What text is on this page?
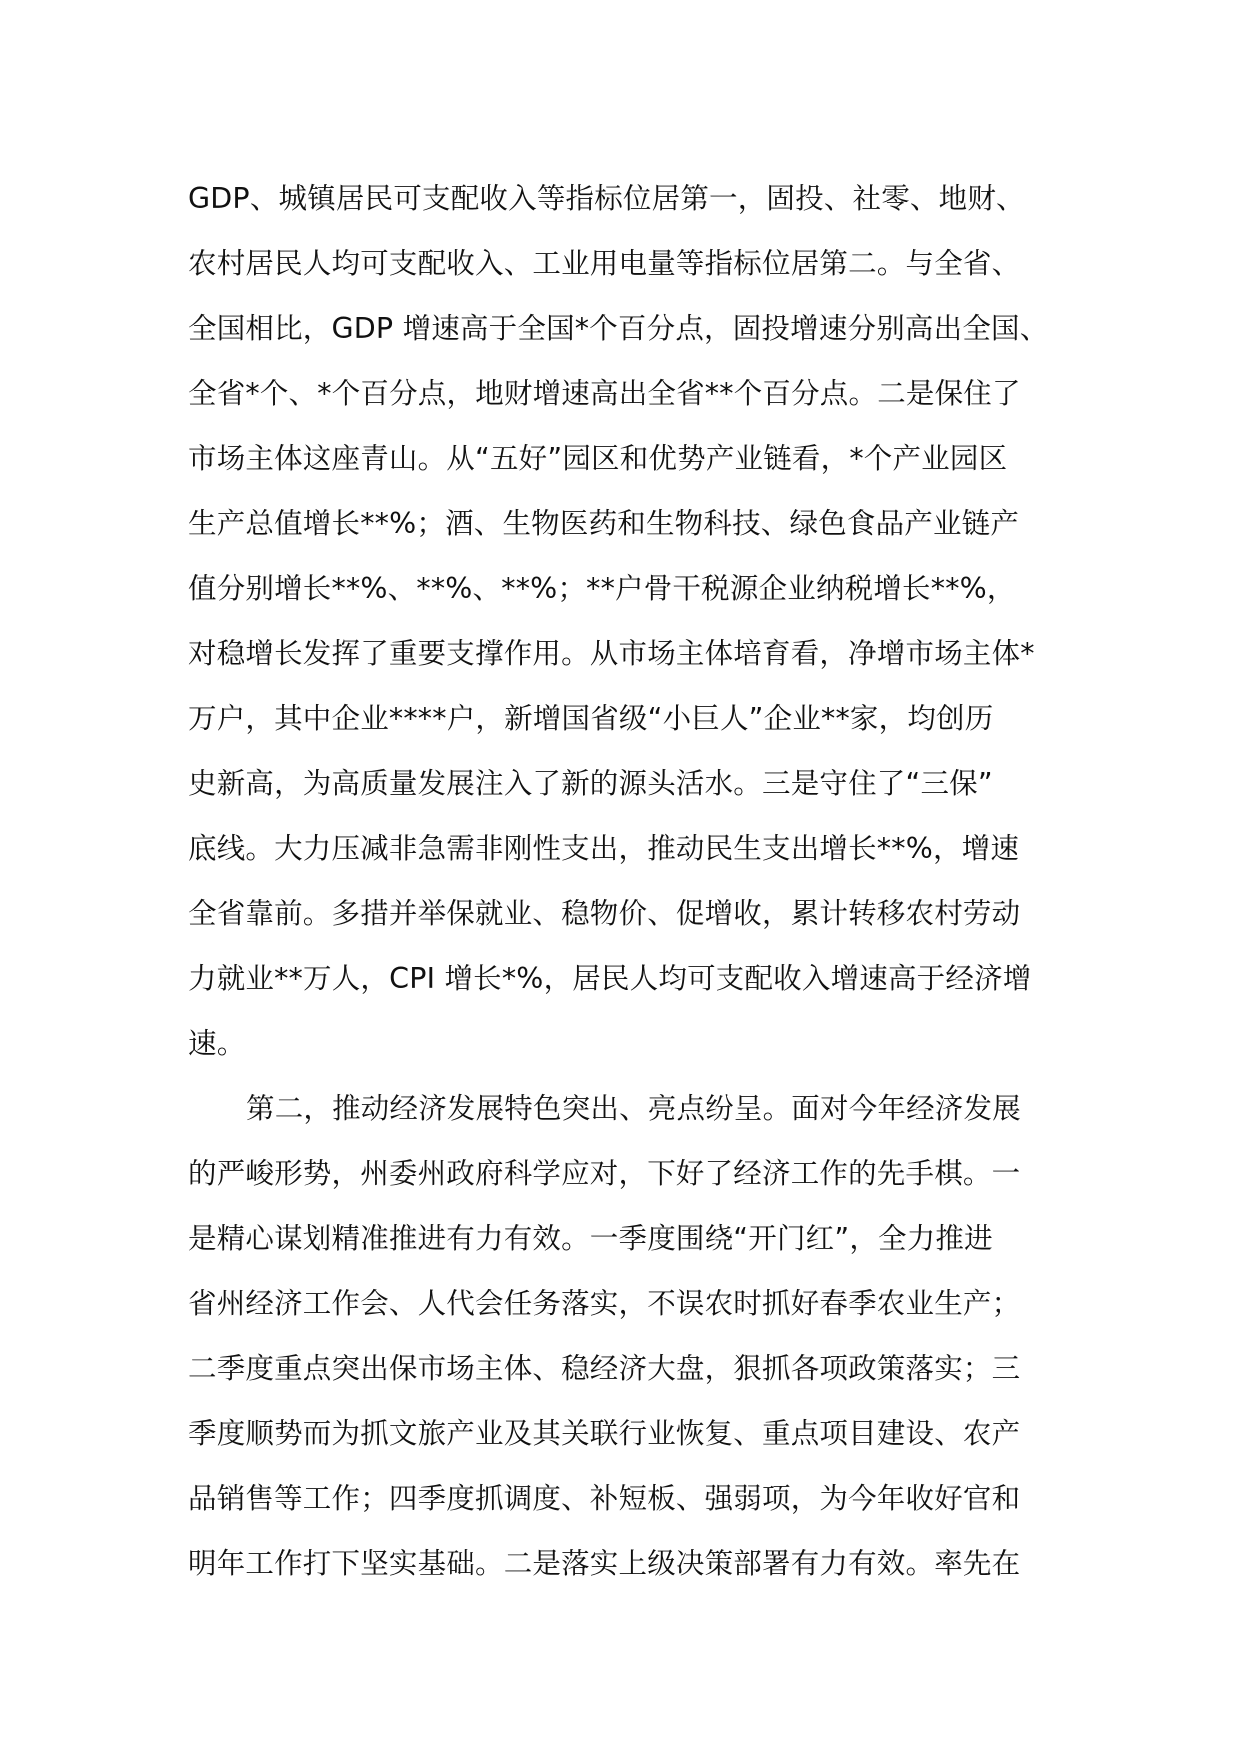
GDP、城镇居民可支配收入等指标位居第一，固投、社零、地财、
农村居民人均可支配收入、工业用电量等指标位居第二。与全省、
全国相比，GDP 增速高于全国*个百分点，固投增速分别高出全国、
全省*个、*个百分点，地财增速高出全省**个百分点。二是保住了
市场主体这座青山。从“五好”园区和优势产业链看，*个产业园区
生产总值增长**%；酒、生物医药和生物科技、绿色食品产业链产
值分别增长**%、**%、**%；**户骨干税源企业纳税增长**%，
对稳增长发挥了重要支撑作用。从市场主体培育看，净增市场主体*
万户，其中企业****户，新增国省级“小巨人”企业**家，均创历
史新高，为高质量发展注入了新的源头活水。三是守住了“三保”
底线。大力压减非急需非刚性支出，推动民生支出增长**%，增速
全省靠前。多措并举保就业、稳物价、促增收，累计转移农村劳动
力就业**万人，CPI 增长*%，居民人均可支配收入增速高于经济增
速。
第二，推动经济发展特色突出、亮点纷呈。面对今年经济发展
的严峻形势，州委州政府科学应对，下好了经济工作的先手棋。一
是精心谋划精准推进有力有效。一季度围绕“开门红”，全力推进
省州经济工作会、人代会任务落实，不误农时抓好春季农业生产；
二季度重点突出保市场主体、稳经济大盘，狠抓各项政策落实；三
季度顺势而为抓文旅产业及其关联行业恢复、重点项目建设、农产
品销售等工作；四季度抓调度、补短板、强弱项，为今年收好官和
明年工作打下坚实基础。二是落实上级决策部署有力有效。率先在
